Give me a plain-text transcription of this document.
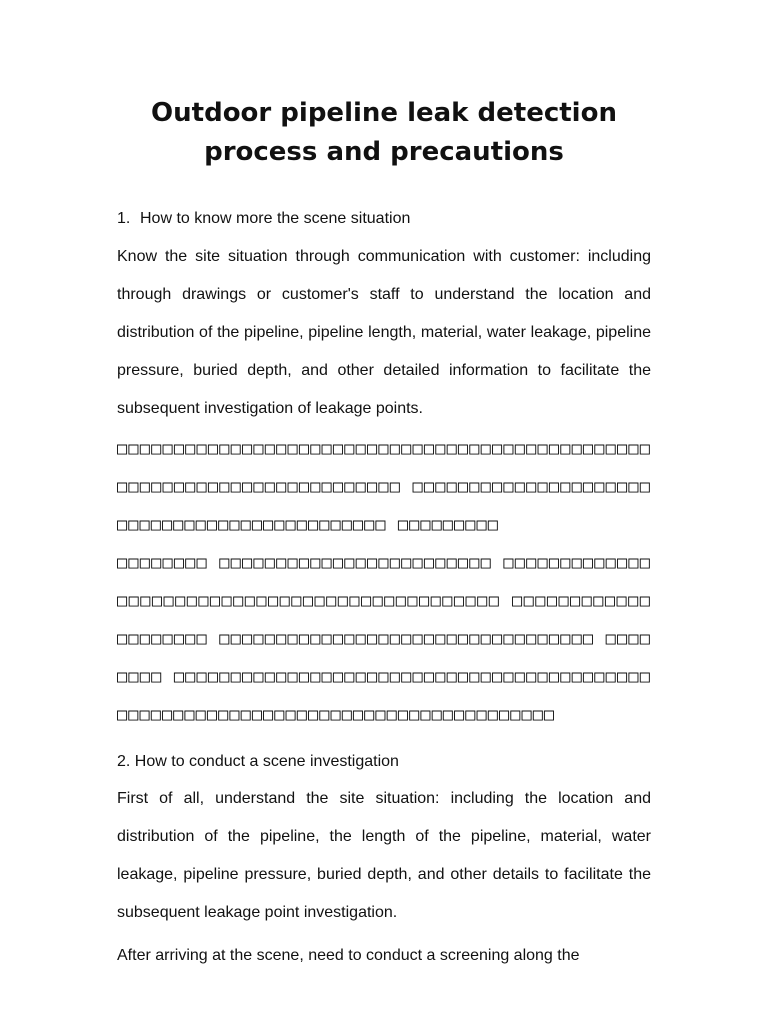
Outdoor pipeline leak detection process and precautions
1. How to know more the scene situation

Know the site situation through communication with customer: including through drawings or customer's staff to understand the location and distribution of the pipeline, pipeline length, material, water leakage, pipeline pressure, buried depth, and other detailed information to facilitate the subsequent investigation of leakage points.

□□□□□□□□□□□□□□□□□□□□□□□□□□□□□□□□□□□□□□□□□□□□□□□□□□□□□□□□□□□□□□□□□□□□□□□□ □□□□□□□□□□□□□□□□□□□□□□□□□□□□□□□□□□□□□□□□□□□□□ □□□□□□□□□

□□□□□□□□ □□□□□□□□□□□□□□□□□□□□□□□□ □□□□□□□□□□□□□□□□□□□□□□□□□□□□□□□□□□□□□□□□□□□□□□ □□□□□□□□□□□□ □□□□□□□□ □□□□□□□□□□□□□□□□□□□□□□□□□□□□□□□□□ □□□□□□□□ □□□□□□□□□□□□□□□□□□□□□□□□□□□□□□□□□□□□□□□□□□□□□□□□□□□□□□□□□□□□□□□□□□□□□□□□□□□□□□□□□

2. How to conduct a scene investigation

First of all, understand the site situation: including the location and distribution of the pipeline, the length of the pipeline, material, water leakage, pipeline pressure, buried depth, and other details to facilitate the subsequent leakage point investigation.

After arriving at the scene, need to conduct a screening along the
